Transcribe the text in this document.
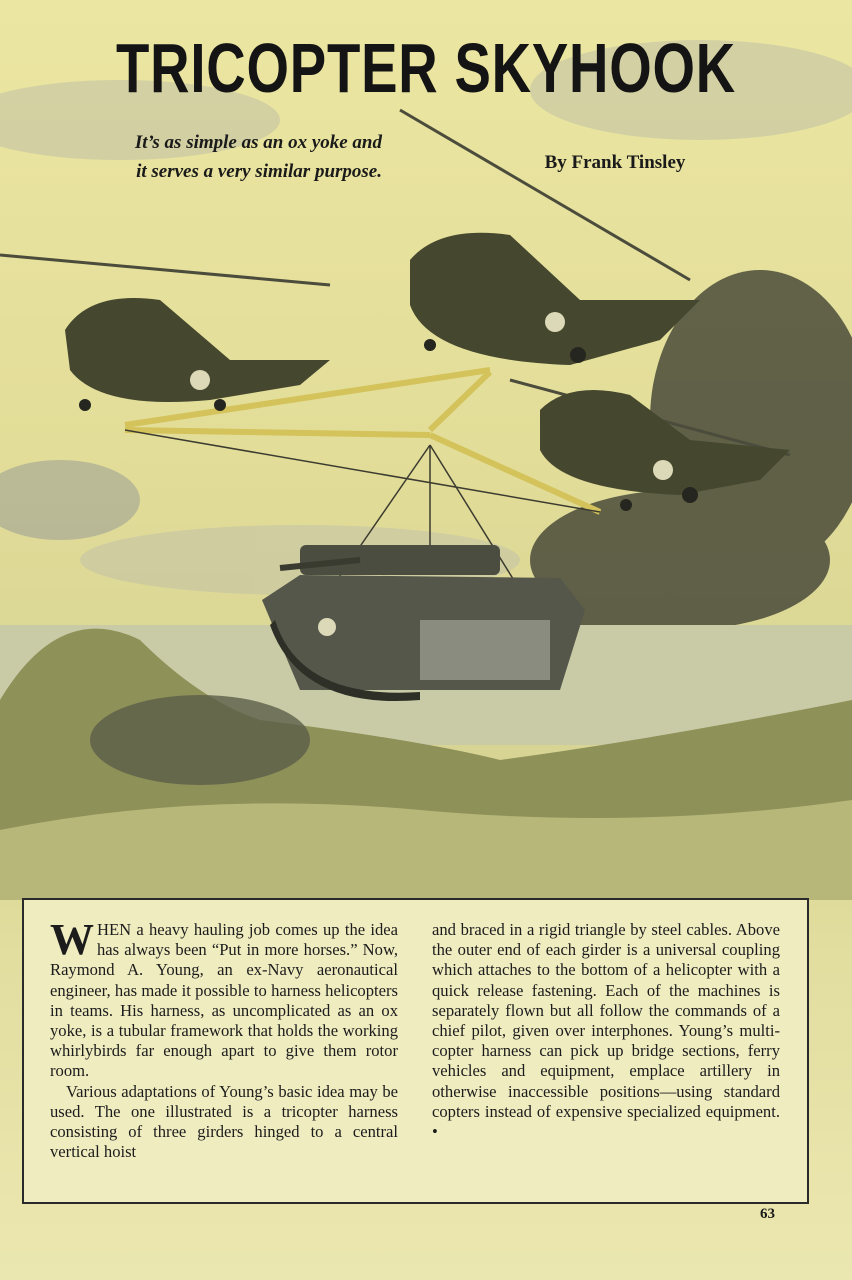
TRICOPTER SKYHOOK
It’s as simple as an ox yoke and it serves a very similar purpose.	By Frank Tinsley

WHEN a heavy hauling job comes up the idea has always been “Put in more horses.” Now, Raymond A. Young, an ex-Navy aeronautical engineer, has made it possible to harness helicopters in teams. His harness, as uncomplicated as an ox yoke, is a tubular framework that holds the working whirlybirds far enough apart to give them rotor room.

Various adaptations of Young’s basic idea may be used. The one illustrated is a tricopter harness consisting of three girders hinged to a central vertical hoist

and braced in a rigid triangle by steel cables. Above the outer end of each girder is a universal coupling which attaches to the bottom of a helicopter with a quick release fastening. Each of the machines is separately flown but all follow the commands of a chief pilot, given over interphones. Young’s multi-copter harness can pick up bridge sections, ferry vehicles and equipment, emplace artillery in otherwise inaccessible positions—using standard copters instead of expensive specialized equipment. •

63
